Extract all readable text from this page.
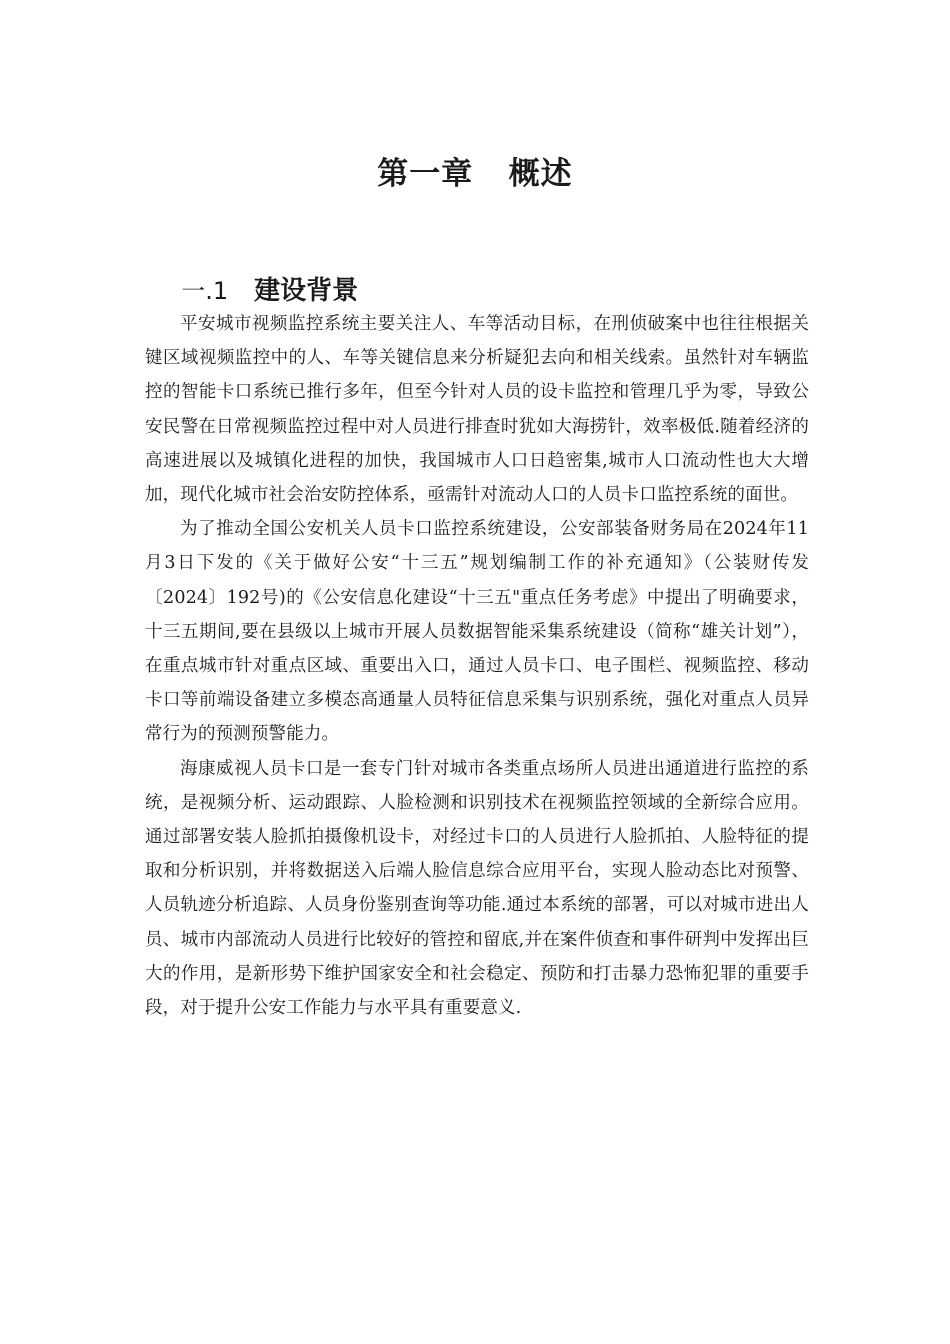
第一章   概述

一.1 建设背景

平安城市视频监控系统主要关注人、车等活动目标，在刑侦破案中也往往根据关键区域视频监控中的人、车等关键信息来分析疑犯去向和相关线索。虽然针对车辆监控的智能卡口系统已推行多年，但至今针对人员的设卡监控和管理几乎为零，导致公安民警在日常视频监控过程中对人员进行排查时犹如大海捞针，效率极低.随着经济的高速进展以及城镇化进程的加快，我国城市人口日趋密集,城市人口流动性也大大增加，现代化城市社会治安防控体系，亟需针对流动人口的人员卡口监控系统的面世。

为了推动全国公安机关人员卡口监控系统建设，公安部装备财务局在2024年11月3日下发的《关于做好公安“十三五”规划编制工作的补充通知》（公装财传发〔2024〕192号)的《公安信息化建设“十三五"重点任务考虑》中提出了明确要求，十三五期间,要在县级以上城市开展人员数据智能采集系统建设（简称“雄关计划”），在重点城市针对重点区域、重要出入口，通过人员卡口、电子围栏、视频监控、移动卡口等前端设备建立多模态高通量人员特征信息采集与识别系统，强化对重点人员异常行为的预测预警能力。

海康威视人员卡口是一套专门针对城市各类重点场所人员进出通道进行监控的系统，是视频分析、运动跟踪、人脸检测和识别技术在视频监控领域的全新综合应用。通过部署安装人脸抓拍摄像机设卡，对经过卡口的人员进行人脸抓拍、人脸特征的提取和分析识别，并将数据送入后端人脸信息综合应用平台，实现人脸动态比对预警、人员轨迹分析追踪、人员身份鉴别查询等功能.通过本系统的部署，可以对城市进出人员、城市内部流动人员进行比较好的管控和留底,并在案件侦查和事件研判中发挥出巨大的作用，是新形势下维护国家安全和社会稳定、预防和打击暴力恐怖犯罪的重要手段，对于提升公安工作能力与水平具有重要意义.
